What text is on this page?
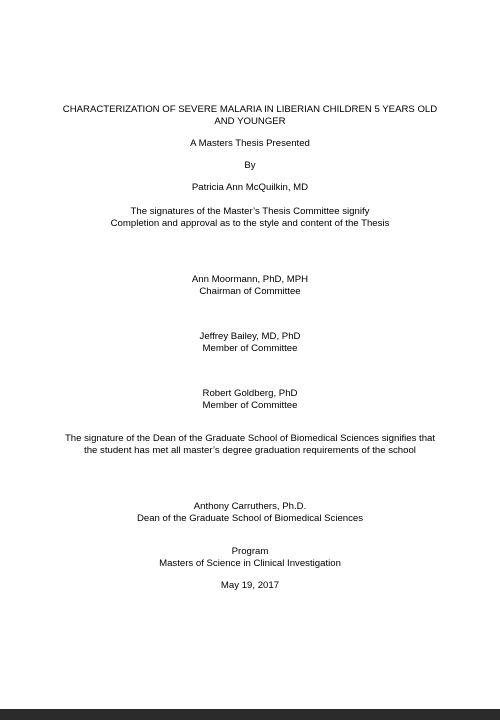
CHARACTERIZATION OF SEVERE MALARIA IN LIBERIAN CHILDREN 5 YEARS OLD
AND YOUNGER
A Masters Thesis Presented
By
Patricia Ann McQuilkin, MD
The signatures of the Master’s Thesis Committee signify
Completion and approval as to the style and content of the Thesis
Ann Moormann, PhD, MPH
Chairman of Committee
Jeffrey Bailey, MD, PhD
Member of Committee
Robert Goldberg, PhD
Member of Committee
The signature of the Dean of the Graduate School of Biomedical Sciences signifies that
the student has met all master’s degree graduation requirements of the school
Anthony Carruthers, Ph.D.
Dean of the Graduate School of Biomedical Sciences
Program
Masters of Science in Clinical Investigation
May 19, 2017
